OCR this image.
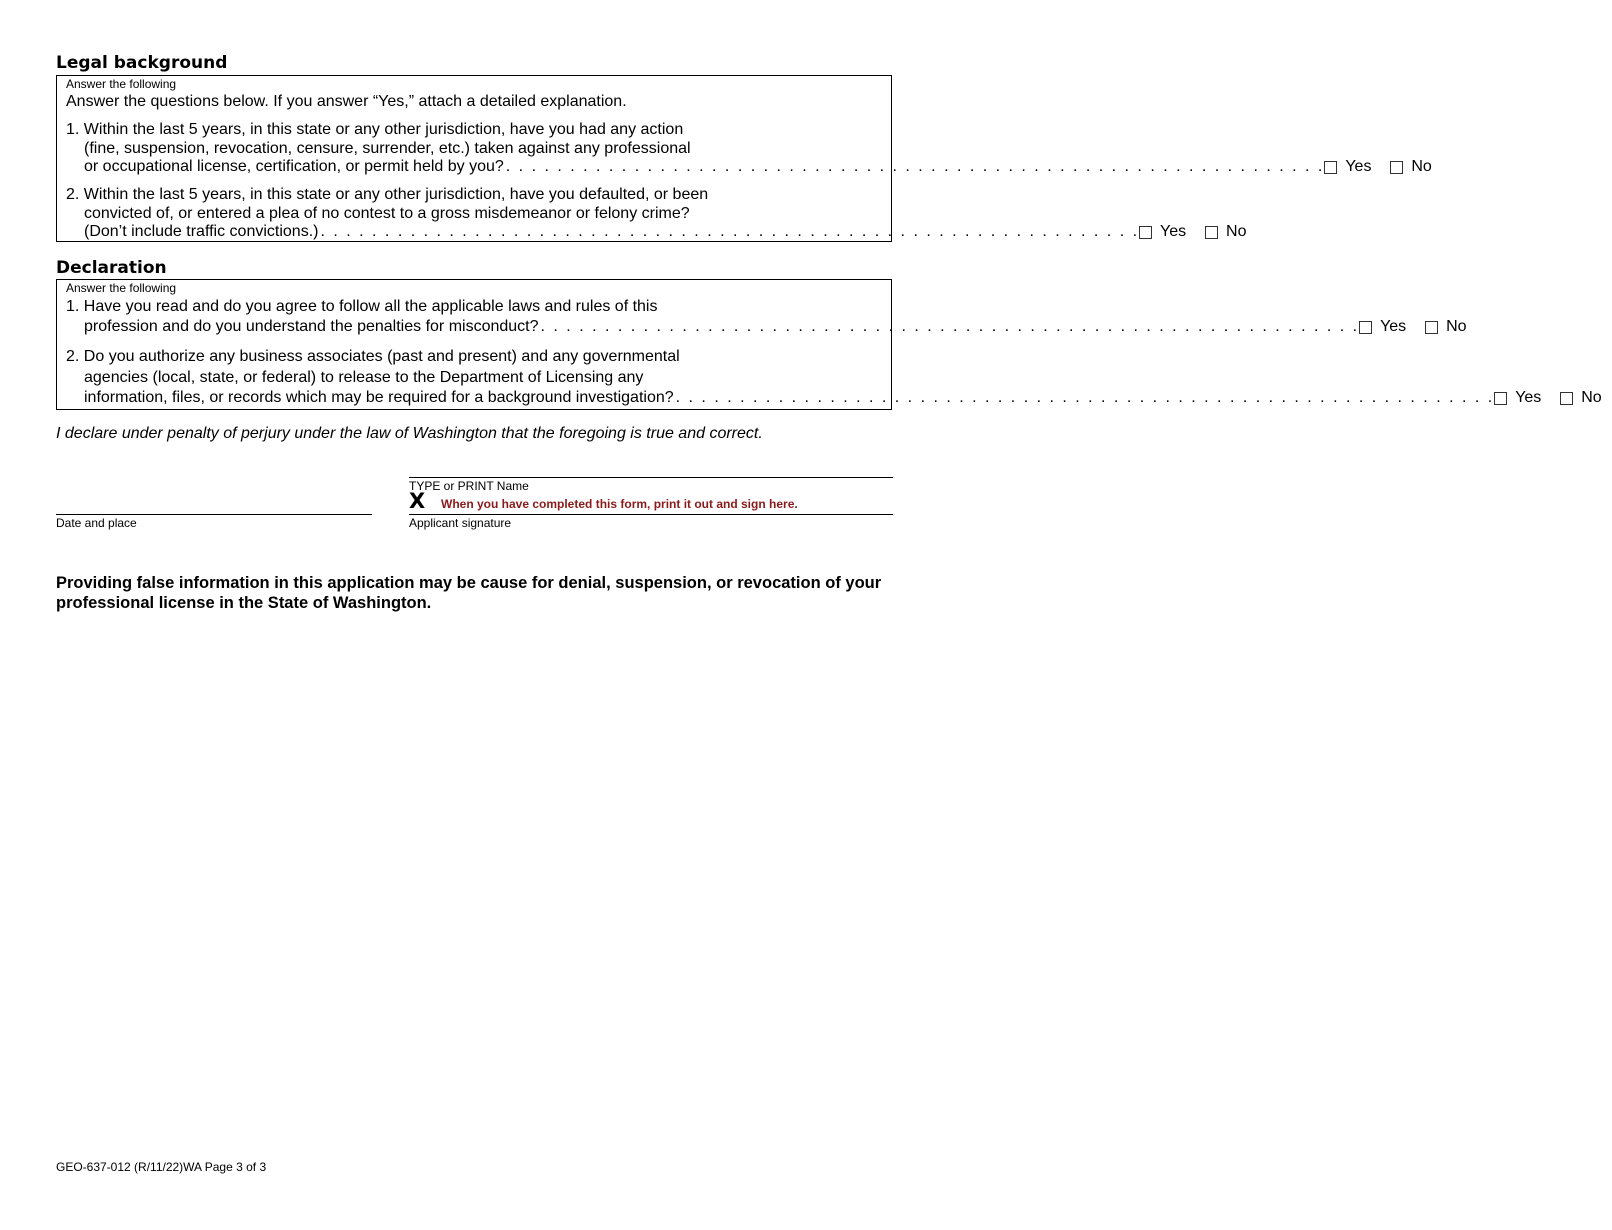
Legal background
Answer the following
Answer the questions below. If you answer “Yes,” attach a detailed explanation.
1. Within the last 5 years, in this state or any other jurisdiction, have you had any action
(fine, suspension, revocation, censure, surrender, etc.) taken against any professional
or occupational license, certification, or permit held by you? . . . . . . . . . . . . . . . . . . . . . . . . . . . . . . . . . . . . . . . . . . . . . . . . . . . . . . . . . . . . . . . . Yes No
2. Within the last 5 years, in this state or any other jurisdiction, have you defaulted, or been
convicted of, or entered a plea of no contest to a gross misdemeanor or felony crime?
(Don’t include traffic convictions.) . . . . . . . . . . . . . . . . . . . . . . . . . . . . . . . . . . . . . . . . . . . . . . . . . . . . . . . . . . . . . . . . Yes No
Declaration
Answer the following
1. Have you read and do you agree to follow all the applicable laws and rules of this
profession and do you understand the penalties for misconduct? . . . . . . . . . . . . . . . . . . . . . . . . . . . . . . . . . . . . . . . . . . . . . . . . . . . . . . . . . . . . . . . . Yes No
2. Do you authorize any business associates (past and present) and any governmental
agencies (local, state, or federal) to release to the Department of Licensing any
information, files, or records which may be required for a background investigation? . . . . . . . . . . . . . . . . . . . . . . . . . . . . . . . . . . . . . . . . . . . . . . . . . . . . . . . . . . . . . . . . Yes No
I declare under penalty of perjury under the law of Washington that the foregoing is true and correct.
TYPE or PRINT Name
X When you have completed this form, print it out and sign here.
Date and place	Applicant signature
Providing false information in this application may be cause for denial, suspension, or revocation of your professional license in the State of Washington.
GEO-637-012 (R/11/22)WA Page 3 of 3
